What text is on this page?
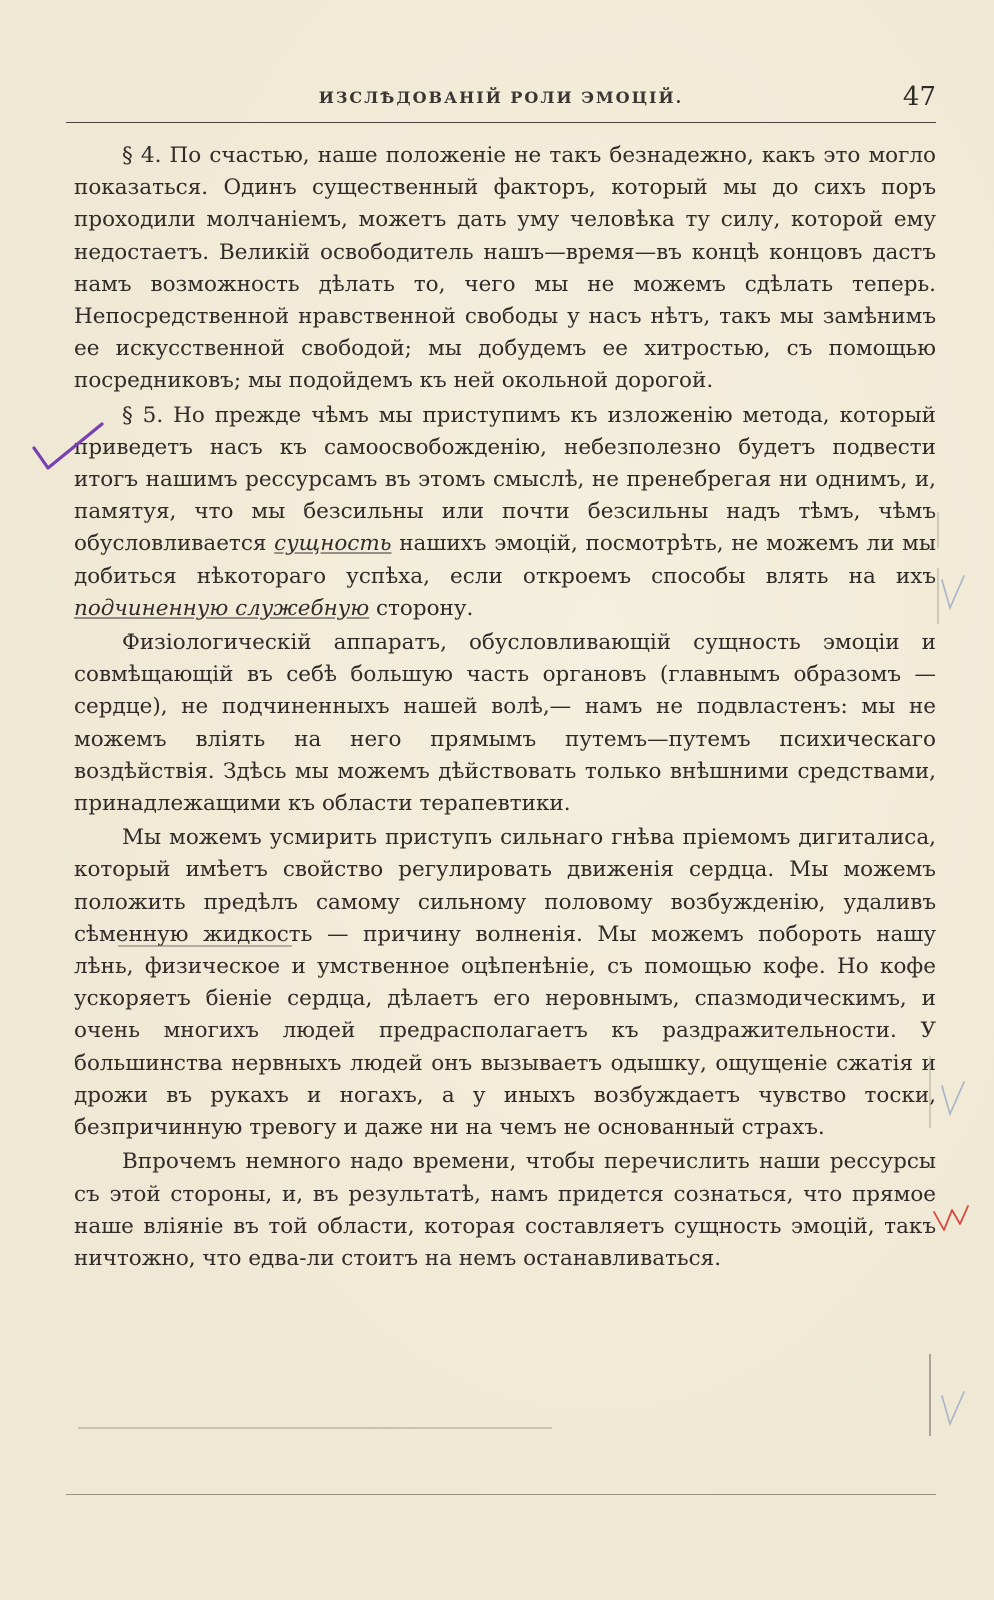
ИЗСЛѢДОВАНІЙ РОЛИ ЭМОЦІЙ.	47

§ 4. По счастью, наше положеніе не такъ безнадежно, какъ это могло показаться. Одинъ существенный факторъ, который мы до сихъ поръ проходили молчаніемъ, можетъ дать уму человѣка ту силу, которой ему недостаетъ. Великій освободитель нашъ—время—въ концѣ концовъ дастъ намъ возможность дѣлать то, чего мы не можемъ сдѣлать теперь. Непосредственной нравственной свободы у насъ нѣтъ, такъ мы замѣнимъ ее искусственной свободой; мы добудемъ ее хитростью, съ помощью посредниковъ; мы подойдемъ къ ней окольной дорогой.

§ 5. Но прежде чѣмъ мы приступимъ къ изложенію метода, который приведетъ насъ къ самоосвобожденію, небезполезно будетъ подвести итогъ нашимъ рессурсамъ въ этомъ смыслѣ, не пренебрегая ни однимъ, и, памятуя, что мы безсильны или почти безсильны надъ тѣмъ, чѣмъ обусловливается сущность нашихъ эмоцій, посмотрѣть, не можемъ ли мы добиться нѣкотораго успѣха, если откроемъ способы влять на ихъ подчиненную служебную сторону.

Физіологическій аппаратъ, обусловливающій сущность эмоціи и совмѣщающій въ себѣ большую часть органовъ (главнымъ образомъ — сердце), не подчиненныхъ нашей волѣ,— намъ не подвластенъ: мы не можемъ вліять на него прямымъ путемъ—путемъ психическаго воздѣйствія. Здѣсь мы можемъ дѣйствовать только внѣшними средствами, принадлежащими къ области терапевтики.

Мы можемъ усмирить приступъ сильнаго гнѣва пріемомъ дигиталиса, который имѣетъ свойство регулировать движенія сердца. Мы можемъ положить предѣлъ самому сильному половому возбужденію, удаливъ сѣменную жидкость — причину волненія. Мы можемъ побороть нашу лѣнь, физическое и умственное оцѣпенѣніе, съ помощью кофе. Но кофе ускоряетъ біеніе сердца, дѣлаетъ его неровнымъ, спазмодическимъ, и очень многихъ людей предрасполагаетъ къ раздражительности. У большинства нервныхъ людей онъ вызываетъ одышку, ощущеніе сжатія и дрожи въ рукахъ и ногахъ, а у иныхъ возбуждаетъ чувство тоски, безпричинную тревогу и даже ни на чемъ не основанный страхъ.

Впрочемъ немного надо времени, чтобы перечислить наши рессурсы съ этой стороны, и, въ результатѣ, намъ придется сознаться, что прямое наше вліяніе въ той области, которая составляетъ сущность эмоцій, такъ ничтожно, что едва-ли стоитъ на немъ останавливаться.
